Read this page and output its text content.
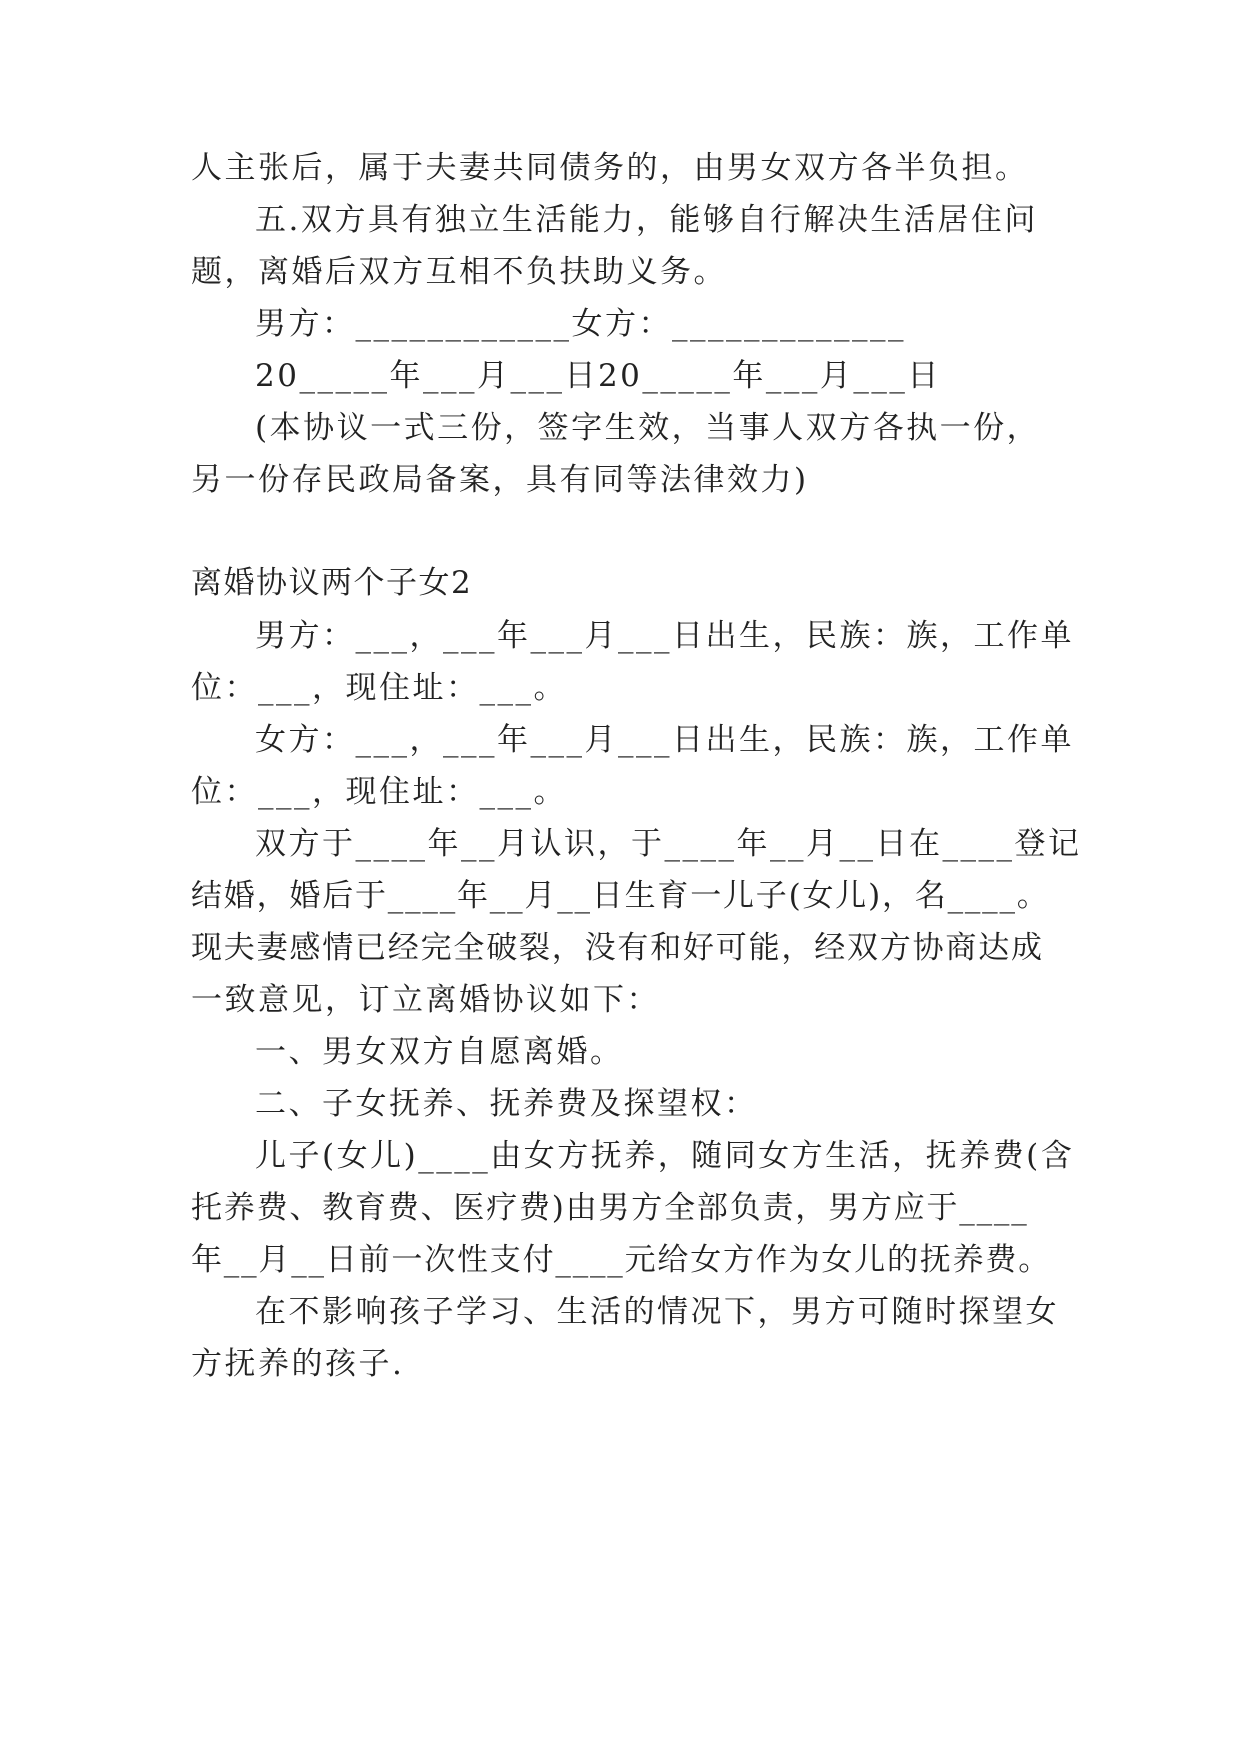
人主张后，属于夫妻共同债务的，由男女双方各半负担。
五.双方具有独立生活能力，能够自行解决生活居住问
题，离婚后双方互相不负扶助义务。
男方：____________女方：_____________
20_____年___月___日20_____年___月___日
(本协议一式三份，签字生效，当事人双方各执一份，
另一份存民政局备案，具有同等法律效力)
离婚协议两个子女2
男方：___，___年___月___日出生，民族：族，工作单
位：___，现住址：___。
女方：___，___年___月___日出生，民族：族，工作单
位：___，现住址：___。
双方于____年__月认识，于____年__月__日在____登记
结婚，婚后于____年__月__日生育一儿子(女儿)，名____。
现夫妻感情已经完全破裂，没有和好可能，经双方协商达成
一致意见，订立离婚协议如下：
一、男女双方自愿离婚。
二、子女抚养、抚养费及探望权：
儿子(女儿)____由女方抚养，随同女方生活，抚养费(含
托养费、教育费、医疗费)由男方全部负责，男方应于____
年__月__日前一次性支付____元给女方作为女儿的抚养费。
在不影响孩子学习、生活的情况下，男方可随时探望女
方抚养的孩子.
